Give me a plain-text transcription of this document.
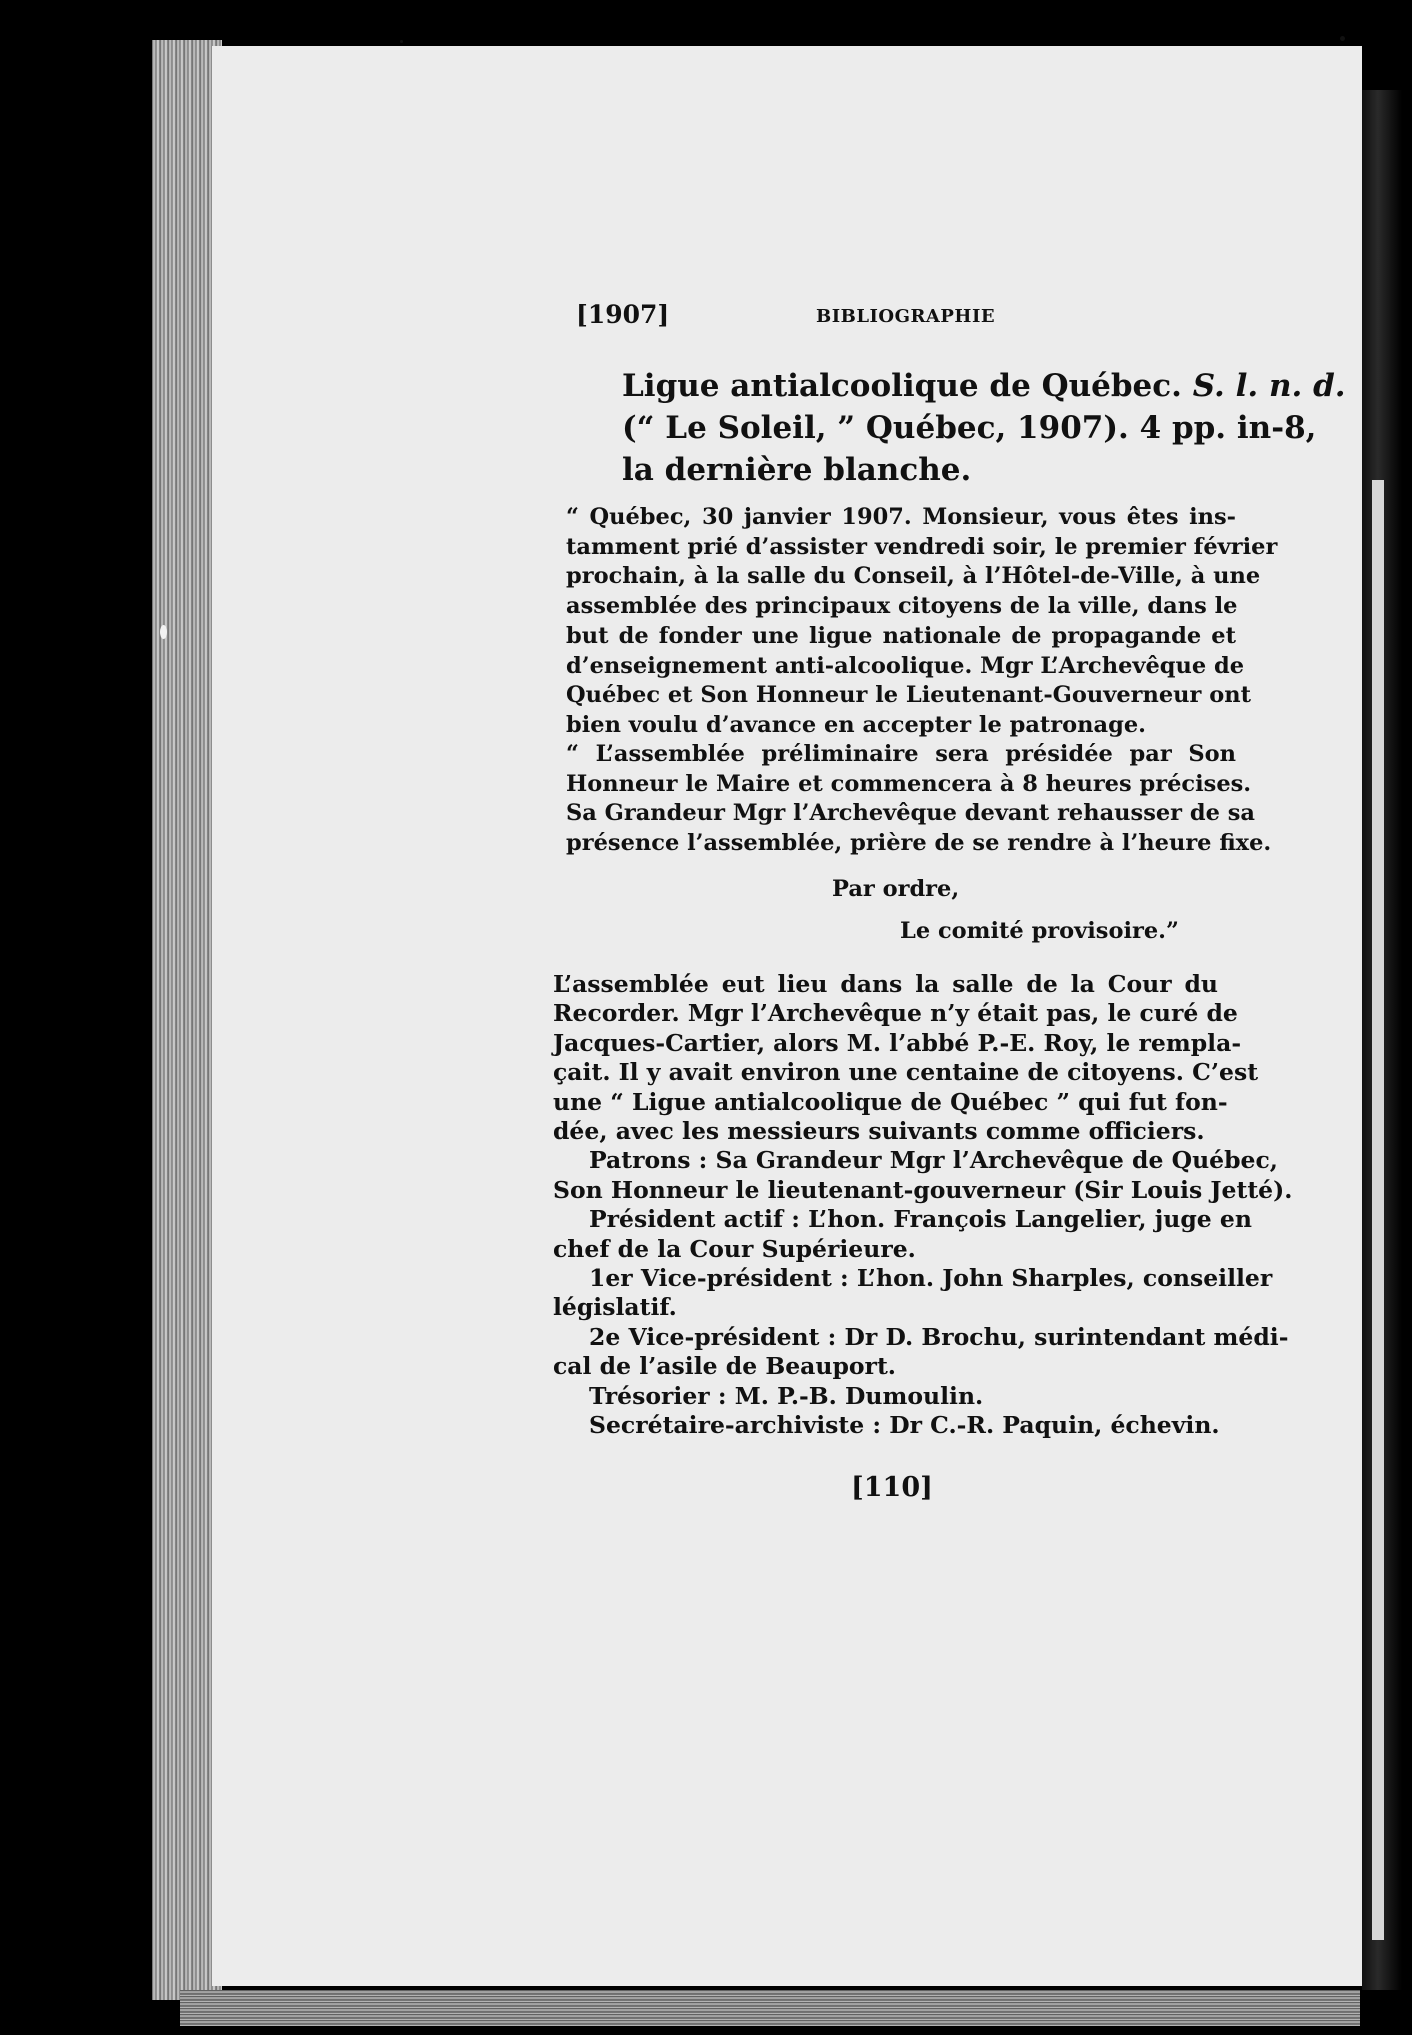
[1907]	BIBLIOGRAPHIE
Ligue antialcoolique de Québec. S. l. n. d.
(“ Le Soleil, ” Québec, 1907). 4 pp. in-8,
la dernière blanche.
“ Québec, 30 janvier 1907. Monsieur, vous êtes ins-
tamment prié d’assister vendredi soir, le premier février
prochain, à la salle du Conseil, à l’Hôtel-de-Ville, à une
assemblée des principaux citoyens de la ville, dans le
but de fonder une ligue nationale de propagande et
d’enseignement anti-alcoolique. Mgr L’Archevêque de
Québec et Son Honneur le Lieutenant-Gouverneur ont
bien voulu d’avance en accepter le patronage.
“ L’assemblée préliminaire sera présidée par Son
Honneur le Maire et commencera à 8 heures précises.
Sa Grandeur Mgr l’Archevêque devant rehausser de sa
présence l’assemblée, prière de se rendre à l’heure fixe.
Par ordre,
Le comité provisoire.”
L’assemblée eut lieu dans la salle de la Cour du
Recorder. Mgr l’Archevêque n’y était pas, le curé de
Jacques-Cartier, alors M. l’abbé P.-E. Roy, le rempla-
çait. Il y avait environ une centaine de citoyens. C’est
une “ Ligue antialcoolique de Québec ” qui fut fon-
dée, avec les messieurs suivants comme officiers.
Patrons : Sa Grandeur Mgr l’Archevêque de Québec,
Son Honneur le lieutenant-gouverneur (Sir Louis Jetté).
Président actif : L’hon. François Langelier, juge en
chef de la Cour Supérieure.
1er Vice-président : L’hon. John Sharples, conseiller
législatif.
2e Vice-président : Dr D. Brochu, surintendant médi-
cal de l’asile de Beauport.
Trésorier : M. P.-B. Dumoulin.
Secrétaire-archiviste : Dr C.-R. Paquin, échevin.
[110]
